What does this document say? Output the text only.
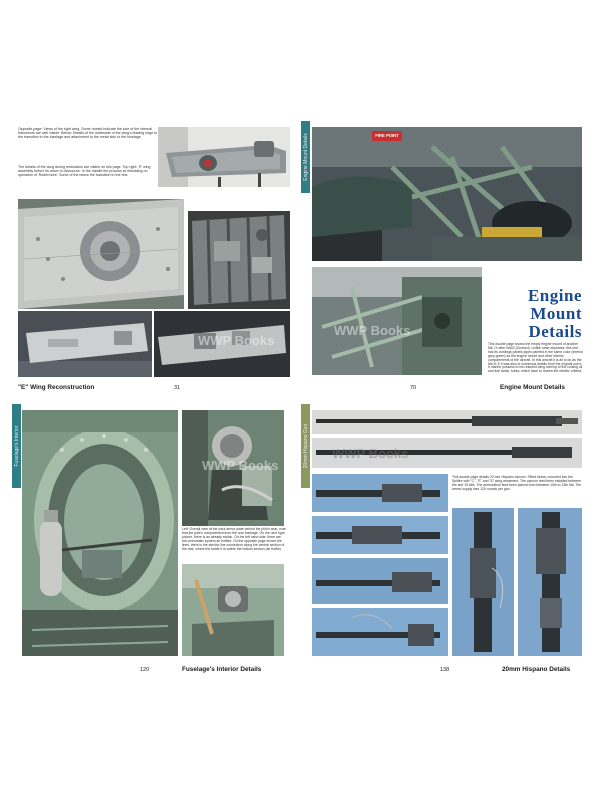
Opposite page: Views of the right wing. Some riveted indicate the size of the internal framework are well visible. Below: Details of the underside of the wing's leading edge to the transition to the fuselage and attachment to the metal skin to the fuselage.
The details of the wing during restoration are visible on this page. Top right: 'E' wing assembly before its return to Airbourne. In the middle the process at rebuilding on operation of 'Rodermont': Some of the below the transition to the ribs.
WWP Books
"E" Wing Reconstruction	31
Engine Mount Details	FIRE POINT
WWP Books
Engine
Mount
Details
This double page shows the empty engine mount of another Mk. IX after WW2 (Duxford). Unlike other airplanes, this one has its cowlings panels pipes painted in the same color (interior grey-green) as the engine mount and other interior compartments of the aircraft. In this aircraft it is all to do as the Mk.IX E it was also in numerous details from the original one's. It marine possess to his restored wing coming of the cooling oil and fuel tanks, tubes, which have to review the electric criteria.
70	Engine Mount Details
Fuselage's Interior	WWP Books
Left: Overall view at the back armor plate behind the pilot's seat, note that the pilot's compartment from the rear fuselage. On the next right picture, there is an already switch. On the left hand side, there are two pneumatic system air bottles. On the opposite page shows the lines, there is the electric line connection along the central section of the rear, where the bottle it is visible the bottom section (air bottle).
120	Fuselage's Interior Details
20mm Hispano Gun WWP Books
This double-page details 20 mm Hispano cannon. Fitted below, mounted into the Spitfire with "C", "E" and "E" wing armament. The cannon feed been installed between the and 19 kills. The ammunition feed been placed from between 10th to 13th Mk. The ammo supply was 120 rounds per gun.
138	20mm Hispano Details
